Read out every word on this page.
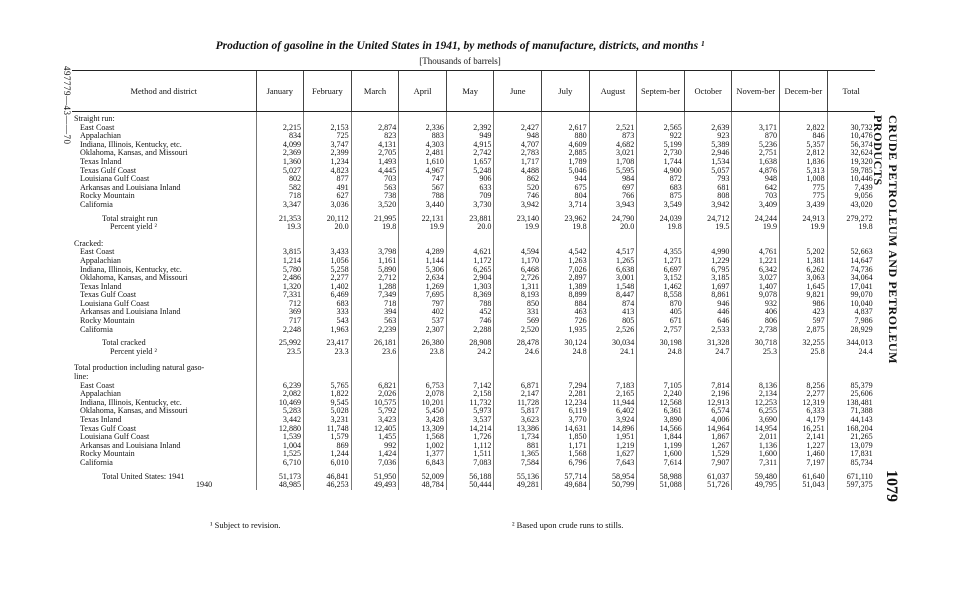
Production of gasoline in the United States in 1941, by methods of manufacture, districts, and months ¹
[Thousands of barrels]
497779—43——70
CRUDE PETROLEUM AND PETROLEUM PRODUCTS
1079
Method and district	January	February	March	April	May	June	July	August	Septem-ber	October	Novem-ber	Decem-ber	Total
Straight run:													
East Coast	2,215	2,153	2,874	2,336	2,392	2,427	2,617	2,521	2,565	2,639	3,171	2,822	30,732
Appalachian	834	725	823	883	949	948	880	873	922	923	870	846	10,476
Indiana, Illinois, Kentucky, etc.	4,099	3,747	4,131	4,303	4,915	4,707	4,609	4,682	5,199	5,389	5,236	5,357	56,374
Oklahoma, Kansas, and Missouri	2,369	2,399	2,705	2,481	2,742	2,783	2,885	3,021	2,730	2,946	2,751	2,812	32,624
Texas Inland	1,360	1,234	1,493	1,610	1,657	1,717	1,789	1,708	1,744	1,534	1,638	1,836	19,320
Texas Gulf Coast	5,027	4,823	4,445	4,967	5,248	4,488	5,046	5,595	4,900	5,057	4,876	5,313	59,785
Louisiana Gulf Coast	802	877	703	747	906	862	944	984	872	793	948	1,008	10,446
Arkansas and Louisiana Inland	582	491	563	567	633	520	675	697	683	681	642	775	7,439
Rocky Mountain	718	627	738	788	709	746	804	766	875	808	703	775	9,056
California	3,347	3,036	3,520	3,440	3,730	3,942	3,714	3,943	3,549	3,942	3,409	3,439	43,020

Total straight run	21,353	20,112	21,995	22,131	23,881	23,140	23,962	24,790	24,039	24,712	24,244	24,913	279,272
Percent yield ²	19.3	20.0	19.8	19.9	20.0	19.9	19.8	20.0	19.8	19.5	19.9	19.9	19.8

Cracked:													
East Coast	3,815	3,433	3,798	4,289	4,621	4,594	4,542	4,517	4,355	4,990	4,761	5,202	52,663
Appalachian	1,214	1,056	1,161	1,144	1,172	1,170	1,263	1,265	1,271	1,229	1,221	1,381	14,647
Indiana, Illinois, Kentucky, etc.	5,780	5,258	5,890	5,306	6,265	6,468	7,026	6,638	6,697	6,795	6,342	6,262	74,736
Oklahoma, Kansas, and Missouri	2,486	2,277	2,712	2,634	2,904	2,726	2,897	3,001	3,152	3,185	3,027	3,063	34,064
Texas Inland	1,320	1,402	1,288	1,269	1,303	1,311	1,389	1,548	1,462	1,697	1,407	1,645	17,041
Texas Gulf Coast	7,331	6,469	7,349	7,695	8,369	8,193	8,899	8,447	8,558	8,861	9,078	9,821	99,070
Louisiana Gulf Coast	712	683	718	797	788	850	884	874	870	946	932	986	10,040
Arkansas and Louisiana Inland	369	333	394	402	452	331	463	413	405	446	406	423	4,837
Rocky Mountain	717	543	563	537	746	569	726	805	671	646	806	597	7,986
California	2,248	1,963	2,239	2,307	2,288	2,520	1,935	2,526	2,757	2,533	2,738	2,875	28,929

Total cracked	25,992	23,417	26,181	26,380	28,908	28,478	30,124	30,034	30,198	31,328	30,718	32,255	344,013
Percent yield ²	23.5	23.3	23.6	23.8	24.2	24.6	24.8	24.1	24.8	24.7	25.3	25.8	24.4

Total production including natural gaso-													
line:													
East Coast	6,239	5,765	6,821	6,753	7,142	6,871	7,294	7,183	7,105	7,814	8,136	8,256	85,379
Appalachian	2,082	1,822	2,026	2,078	2,158	2,147	2,281	2,165	2,240	2,196	2,134	2,277	25,606
Indiana, Illinois, Kentucky, etc.	10,469	9,545	10,575	10,201	11,732	11,728	12,234	11,944	12,568	12,913	12,253	12,319	138,481
Oklahoma, Kansas, and Missouri	5,283	5,028	5,792	5,450	5,973	5,817	6,119	6,402	6,361	6,574	6,255	6,333	71,388
Texas Inland	3,442	3,231	3,423	3,428	3,537	3,623	3,770	3,924	3,890	4,006	3,690	4,179	44,143
Texas Gulf Coast	12,880	11,748	12,405	13,309	14,214	13,386	14,631	14,896	14,566	14,964	14,954	16,251	168,204
Louisiana Gulf Coast	1,539	1,579	1,455	1,568	1,726	1,734	1,850	1,951	1,844	1,867	2,011	2,141	21,265
Arkansas and Louisiana Inland	1,004	869	992	1,002	1,112	881	1,171	1,219	1,199	1,267	1,136	1,227	13,079
Rocky Mountain	1,525	1,244	1,424	1,377	1,511	1,365	1,568	1,627	1,600	1,529	1,600	1,460	17,831
California	6,710	6,010	7,036	6,843	7,083	7,584	6,796	7,643	7,614	7,907	7,311	7,197	85,734

Total United States: 1941	51,173	46,841	51,950	52,009	56,188	55,136	57,714	58,954	58,988	61,037	59,480	61,640	671,110
1940	48,985	46,253	49,493	48,784	50,444	49,281	49,684	50,799	51,088	51,726	49,795	51,043	597,375
¹ Subject to revision.	² Based upon crude runs to stills.
